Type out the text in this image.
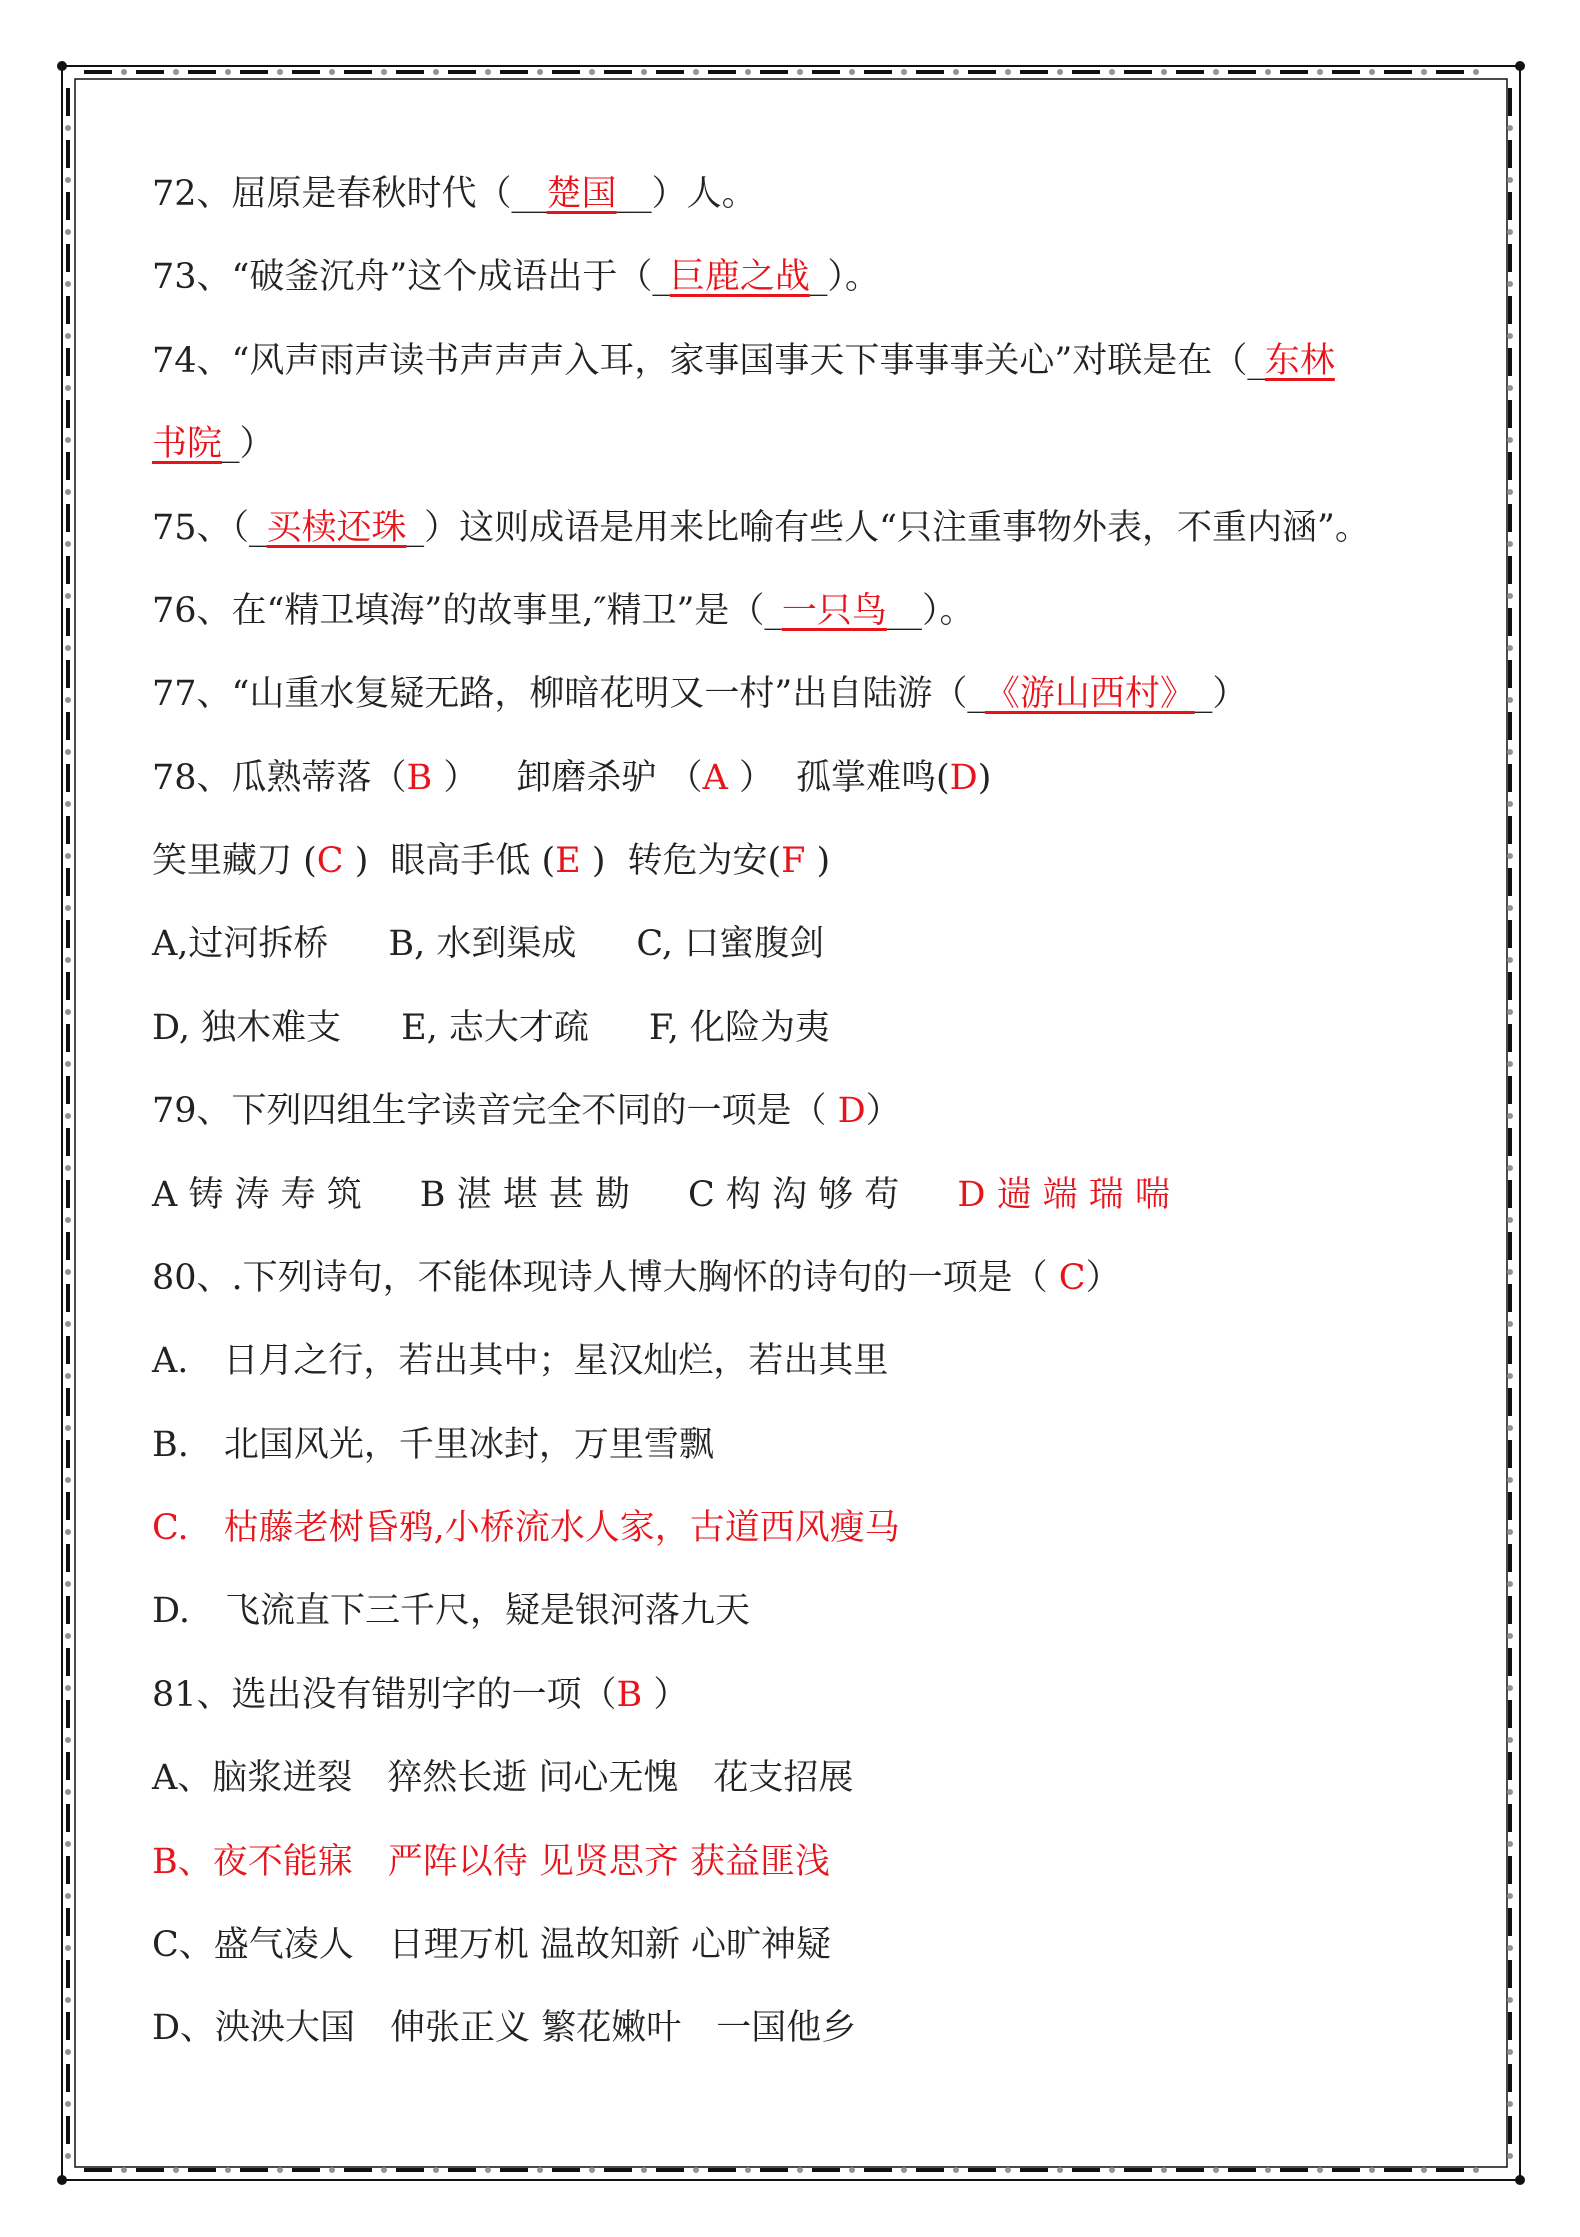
72、屈原是春秋时代（__楚国__）人。
73、“破釜沉舟”这个成语出于（_巨鹿之战_）。
74、“风声雨声读书声声声入耳，家事国事天下事事事关心”对联是在（_东林
书院_）
75、（_买椟还珠_）这则成语是用来比喻有些人“只注重事物外表，不重内涵”。
76、在“精卫填海”的故事里,″精卫”是（_一只鸟__）。
77、“山重水复疑无路，柳暗花明又一村”出自陆游（_《游山西村》_）
78、瓜熟蒂落（B ） 卸磨杀驴 （A ） 孤掌难鸣(D)
笑里藏刀 (C ) 眼高手低 (E ) 转危为安(F )
A,过河拆桥 B, 水到渠成 C, 口蜜腹剑
D, 独木难支 E, 志大才疏 F, 化险为夷
79、下列四组生字读音完全不同的一项是（ D）
A 铸 涛 寿 筑 B 湛 堪 甚 勘 C 构 沟 够 苟 D 遄 端 瑞 喘
80、.下列诗句，不能体现诗人博大胸怀的诗句的一项是（ C）
A.　日月之行，若出其中；星汉灿烂，若出其里
B.　北国风光，千里冰封，万里雪飘
C.　枯藤老树昏鸦,小桥流水人家，古道西风瘦马
D.　飞流直下三千尺，疑是银河落九天
81、选出没有错别字的一项（B ）
A、脑浆迸裂　猝然长逝 问心无愧　花支招展
B、夜不能寐　严阵以待 见贤思齐 获益匪浅
C、盛气凌人　日理万机 温故知新 心旷神疑
D、泱泱大国　伸张正义 繁花嫩叶　一国他乡
